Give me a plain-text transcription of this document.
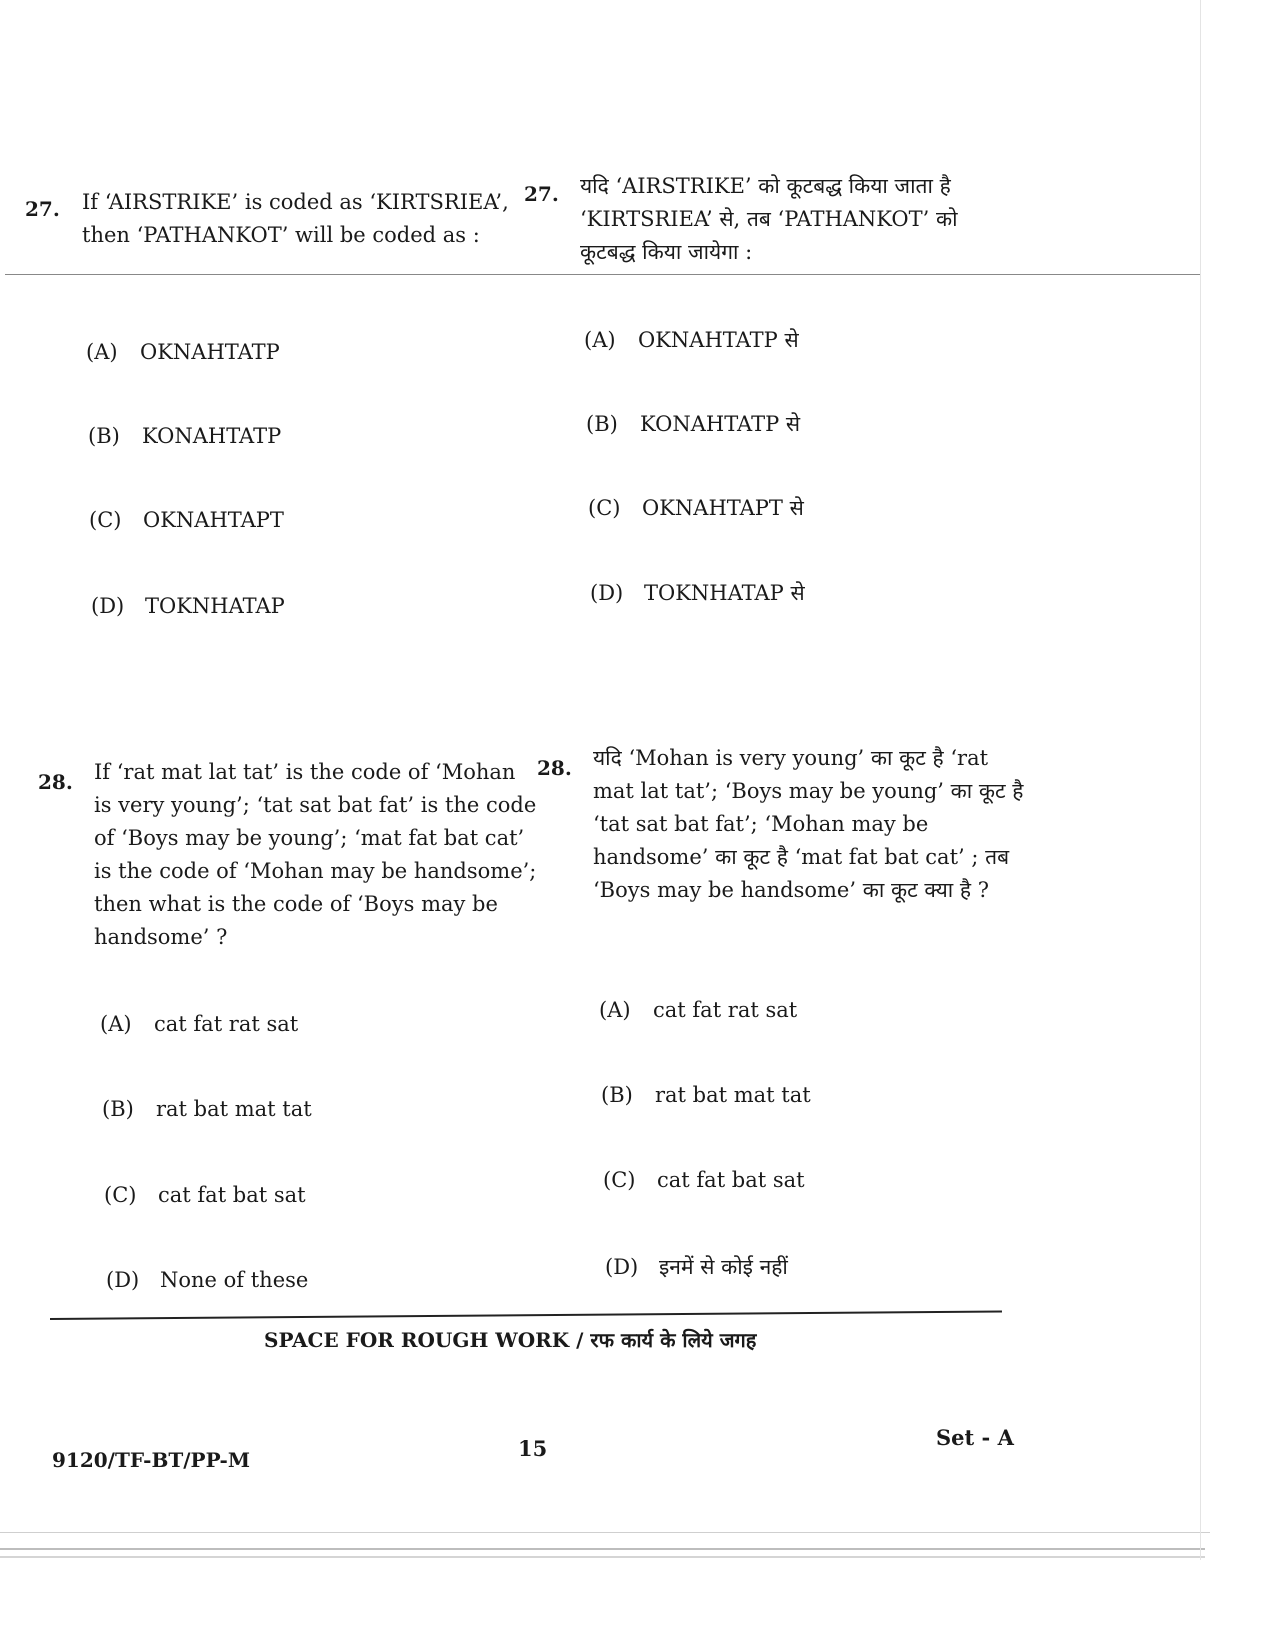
27. If ‘AIRSTRIKE’ is coded as ‘KIRTSRIEA’,
then ‘PATHANKOT’ will be coded as :
27. यदि ‘AIRSTRIKE’ को कूटबद्ध किया जाता है
‘KIRTSRIEA’ से, तब ‘PATHANKOT’ को
कूटबद्ध किया जायेगा :
(A) OKNAHTATP
(B) KONAHTATP
(C) OKNAHTAPT
(D) TOKNHATAP
(A) OKNAHTATP से
(B) KONAHTATP से
(C) OKNAHTAPT से
(D) TOKNHATAP से
28. If ‘rat mat lat tat’ is the code of ‘Mohan
is very young’; ‘tat sat bat fat’ is the code
of ‘Boys may be young’; ‘mat fat bat cat’
is the code of ‘Mohan may be handsome’;
then what is the code of ‘Boys may be
handsome’ ?
28. यदि ‘Mohan is very young’ का कूट है ‘rat
mat lat tat’; ‘Boys may be young’ का कूट है
‘tat sat bat fat’; ‘Mohan may be
handsome’ का कूट है ‘mat fat bat cat’ ; तब
‘Boys may be handsome’ का कूट क्या है ?
(A) cat fat rat sat
(B) rat bat mat tat
(C) cat fat bat sat
(D) None of these
(A) cat fat rat sat
(B) rat bat mat tat
(C) cat fat bat sat
(D) इनमें से कोई नहीं
SPACE FOR ROUGH WORK / रफ कार्य के लिये जगह
9120/TF-BT/PP-M	15	Set - A
